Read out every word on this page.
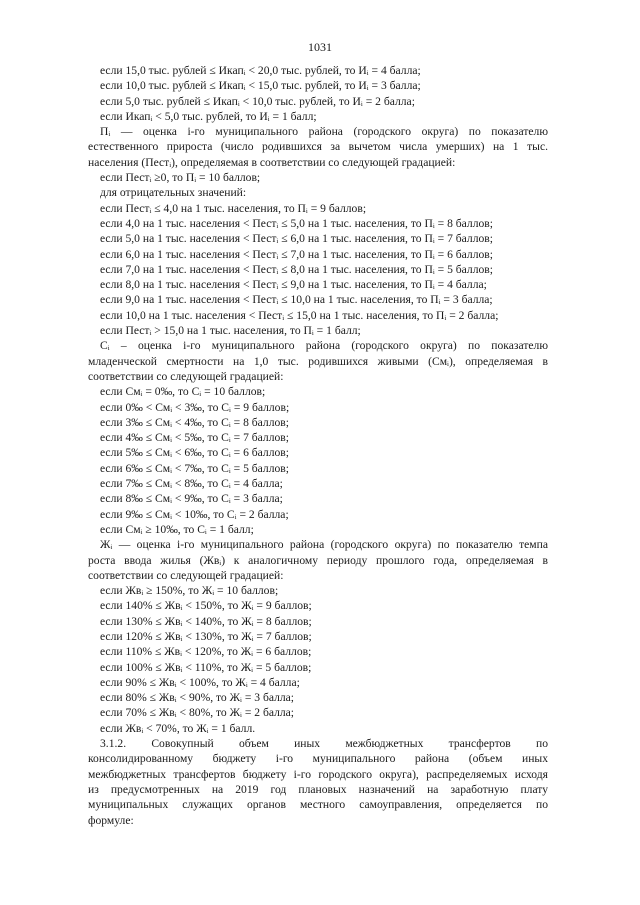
1031
если 15,0 тыс. рублей ≤ Икапᵢ < 20,0 тыс. рублей, то Иᵢ = 4 балла;
если 10,0 тыс. рублей ≤ Икапᵢ < 15,0 тыс. рублей, то Иᵢ = 3 балла;
если 5,0 тыс. рублей ≤ Икапᵢ < 10,0 тыс. рублей, то Иᵢ = 2 балла;
если Икапᵢ < 5,0 тыс. рублей, то Иᵢ = 1 балл;
Пᵢ — оценка i-го муниципального района (городского округа) по показателю
естественного прироста (число родившихся за вычетом числа умерших) на 1 тыс.
населения (Пестᵢ), определяемая в соответствии со следующей градацией:
если Пестᵢ ≥0, то Пᵢ = 10 баллов;
для отрицательных значений:
если Пестᵢ ≤ 4,0 на 1 тыс. населения, то Пᵢ = 9 баллов;
если 4,0 на 1 тыс. населения < Пестᵢ ≤ 5,0 на 1 тыс. населения, то Пᵢ = 8 баллов;
если 5,0 на 1 тыс. населения < Пестᵢ ≤ 6,0 на 1 тыс. населения, то Пᵢ = 7 баллов;
если 6,0 на 1 тыс. населения < Пестᵢ ≤ 7,0 на 1 тыс. населения, то Пᵢ = 6 баллов;
если 7,0 на 1 тыс. населения < Пестᵢ ≤ 8,0 на 1 тыс. населения, то Пᵢ = 5 баллов;
если 8,0 на 1 тыс. населения < Пестᵢ ≤ 9,0 на 1 тыс. населения, то Пᵢ = 4 балла;
если 9,0 на 1 тыс. населения < Пестᵢ ≤ 10,0 на 1 тыс. населения, то Пᵢ = 3 балла;
если 10,0 на 1 тыс. населения < Пестᵢ ≤ 15,0 на 1 тыс. населения, то Пᵢ = 2 балла;
если Пестᵢ > 15,0 на 1 тыс. населения, то Пᵢ = 1 балл;
Cᵢ – оценка i-го муниципального района (городского округа) по показателю
младенческой смертности на 1,0 тыс. родившихся живыми (Смᵢ), определяемая в
соответствии со следующей градацией:
если Смᵢ = 0‰, то Cᵢ = 10 баллов;
если 0‰ < Смᵢ < 3‰, то Cᵢ = 9 баллов;
если 3‰ ≤ Смᵢ < 4‰, то Cᵢ = 8 баллов;
если 4‰ ≤ Смᵢ < 5‰, то Cᵢ = 7 баллов;
если 5‰ ≤ Смᵢ < 6‰, то Cᵢ = 6 баллов;
если 6‰ ≤ Смᵢ < 7‰, то Cᵢ = 5 баллов;
если 7‰ ≤ Смᵢ < 8‰, то Cᵢ = 4 балла;
если 8‰ ≤ Смᵢ < 9‰, то Cᵢ = 3 балла;
если 9‰ ≤ Смᵢ < 10‰, то Cᵢ = 2 балла;
если Смᵢ ≥ 10‰, то Cᵢ = 1 балл;
Жᵢ — оценка i-го муниципального района (городского округа) по показателю темпа
роста ввода жилья (Жвᵢ) к аналогичному периоду прошлого года, определяемая в
соответствии со следующей градацией:
если Жвᵢ ≥ 150%, то Жᵢ = 10 баллов;
если 140% ≤ Жвᵢ < 150%, то Жᵢ = 9 баллов;
если 130% ≤ Жвᵢ < 140%, то Жᵢ = 8 баллов;
если 120% ≤ Жвᵢ < 130%, то Жᵢ = 7 баллов;
если 110% ≤ Жвᵢ < 120%, то Жᵢ = 6 баллов;
если 100% ≤ Жвᵢ < 110%, то Жᵢ = 5 баллов;
если 90% ≤ Жвᵢ < 100%, то Жᵢ = 4 балла;
если 80% ≤ Жвᵢ < 90%, то Жᵢ = 3 балла;
если 70% ≤ Жвᵢ < 80%, то Жᵢ = 2 балла;
если Жвᵢ < 70%, то Жᵢ = 1 балл.
3.1.2. Совокупный объем иных межбюджетных трансфертов по
консолидированному бюджету i-го муниципального района (объем иных
межбюджетных трансфертов бюджету i-го городского округа), распределяемых исходя
из предусмотренных на 2019 год плановых назначений на заработную плату
муниципальных служащих органов местного самоуправления, определяется по
формуле:
